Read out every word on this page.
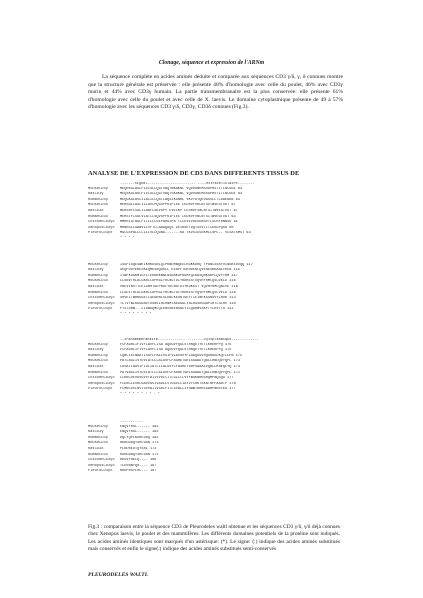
Clonage, séquence et expression de l'ARNm
La séquence complète en acides aminés déduite et comparée aux séquences CD3 γ/δ, γ, δ connues montre que la structure générale est préservée : elle présente 48% d'homologie avec celle du poulet, 46% avec CD3γ murin et 44% avec CD3γ humain. La partie transmembranaire est la plus conservée: elle présente 61% d'homologie avec celle du poulet et avec celle de X. laevis. Le domaine cytoplasmique présente de 49 à 57% d'homologie avec les séquences CD3 γ/δ, CD3γ, CD3δ connues (Fig.3).
ANALYSE DE L'EXPRESSION DE CD3 DANS DIFFERENTS TISSUS DE
-------signal----------------------- ----extracellulaire--------
MouseCD3γ	MEQRKGLAGLFLVISLLQGTVAQTNKAKNL VQVDGNEMSSGPHSTITLNCGGE 63
RatCD3γ	MEQSKGLAGLFLVISLLQGTVAQTSKAKNL VQVDGNEMSSGPHSTITLNCGGE 63
HumanCD3γ	MEQGKGLAVLILAIILLQGTLAQSIKGNHL VKVYDYQEDGSVLLTCDAEAKN 63
MouseCD3δ	MEHSGILASLILIAVLPQGSPFKIPIEE LEDRVFVKCNTSVTWVEGTVGT 67
RatCD3δ	MEHSRFLSGLILAAFLSRVSPY EVEIKP LEDRVFVNCNTSITWVEGTVGT 67
HumanCD3δ	MEHSTFLSGLVLATLLSQVSPFKIPIEE LEDRVFVNCNTSITWVEGTVGT 63
ChickenCD3γδ	MMRRLGTAGLFLLLLLLGEPARGIPA TLCEVEVSESDNSVTLSCHFRNNSD 61
XenopusCD3γδ	MRNRGLLGAWVLLVFTLLAAAQDQS VEIKSETDQTSSVTLTCEKGPQSG 60
PleuroCD3γδ	MGLGSPALLLLLLLVLLQGNG-------KA TKVSIEGSKMLLSPL-- VCSATSMST 63
* * * *
MouseCD3γ	ISGPLDQESWELKHKDSNLQIPKNDRWQEELKGKKDRQ TPGNCSSRYVLNGKEDVQQ 117
RatCD3γ	SEQPDDYEKESKEQMESNQDGLL EEAPFTDKHDEKLQVENESKKANLYEEA 115
HumanCD3γ	ITWFKDGKMIGFLTEDKKKWNLGSNAKDPRGMYQCKGSQNKSKPLQVYYRM 117
MouseCD3δ	LLSNVTRLDLGKRILDPRGIYRCNGTDIYKDKESTVQVHYRMCQSCVELD 116
RatCD3δ	VREVLNVTTLELGRRTGEPRGLYRCNGTDIYKDKEST VQVHYRMCQNCVE 116
HumanCD3δ	LLSDITRLDLGKRILDPRGIYRCNGTDIYKDKESTVQVHYRMCQSCVELD 116
ChickenCD3γδ	SRVELTWRKDGETLGEGHNLSLDNLKEGNTGEYTCEINEKSSNSVYLHVK 113
XenopusCD3γδ	TLTVTWLKDGGNVTDSNSLHIRNMTAEDGGLYACRSSRGDAPIHTLSLHV 110
PleuroCD3γδ	PTSTDRW-- LIGNDQMLQLENVSKENSGEYICQGRNVSKPTYLRVTTR 111
* * * * * * * *
--transmembranaire------------- --------cytoplasmique-------------
MouseCD3γ	FCFAGHIIFIVFLAVFLISA GQDGVYQGLSTRNQETYETLKHEKPPQ 175
RatCD3γ	FCFAGHIIFIVFLAVFLISA GQDGVYQGLSTRNQETYETLKHEKPPQ 175
HumanCD3γ	CQNCIELNAATISGFLFAEIVSIFVLAVGVYFIAGQDGVRQSRASDKQTLLPN 175
MouseCD3δ	PATLAGIIVTDVIATLLLALGVFCFAGHETGRLSGAADTQALLRNDQVYQPL 173
RatCD3δ	LDSATLAGVIFIDLIATLLLALGVYCFAGHETGRPSGAAEVQALLKNEQLYQ 173
HumanCD3δ	PATVAGIIVTDVIATLLLALGVFCFAGHETGRLSGAADTQALLRNDQVYQPL 171
ChickenCD3γδ	LCKNCVEVDVGVVTAIIVVDICITLGLLLLVYYWSKNRRGRQMPAQSQD 177
XenopusCD3γδ	FCENCIEVHLGAVVGVIVADLLVTGGVLLIAYVYCRKTSKNTNPPANDTP 178
PleuroCD3γδ	FCMNCVELNVTSVVAIIVGDIFITLSVALLIYHAWTKRKEGAHPNNSYEA 177
* * * * * * : * . *
-----------
MouseCD3γ	ENQVYRSL------ 182
RatCD3γ	ENQVYRSL------ 182
HumanCD3γ	DQLYQPLKDREDDQ 182
MouseCD3δ	RDRDDAQYSRLGGN 173
RatCD3δ	PLRDREDTQYSRL 173
HumanCD3δ	RDRDDAQYSHLGGN 171
ChickenCD3γδ	RDGVYHELQ---- 186
XenopusCD3γδ	TLDSNNYQR---- 187
PleuroCD3γδ	KRDPRSYLRL--- 187
Fig.3 : comparaison entre la séquence CD3 de Pleurodeles waltl obtenue et les séquences CD3 γ/δ, γ/δ déjà connues chez Xenopus laevis, le poulet et des mammifères. Les différents domaines potentiels de la protéine sont indiqués. Les acides aminés identiques sont marqués d'un astérisque: (*). Le signe: (:) indique des acides aminés substitués mais conservés et enfin le signe(.) indique des acides aminés substitués semi-conservés
PLEURODELES WALTL
